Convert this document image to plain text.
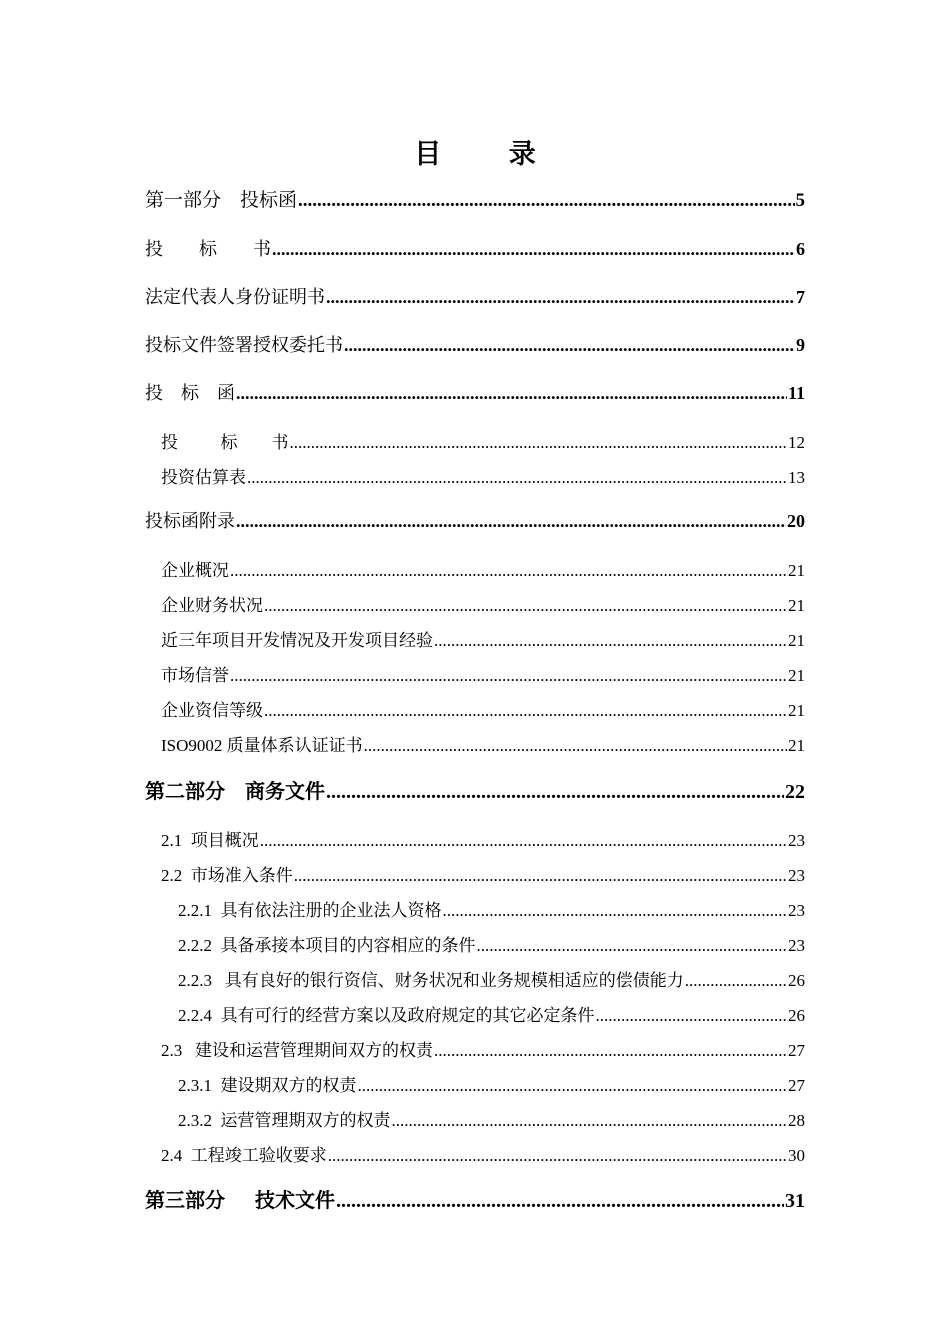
目          录
第一部分    投标函 .....	5
投        标        书 .....	6
法定代表人身份证明书 .....	7
投标文件签署授权委托书 .....	9
投    标    函 .....	11
投          标        书 .....	12
投资估算表 .....	13
投标函附录 .....	20
企业概况 .....	21
企业财务状况 .....	21
近三年项目开发情况及开发项目经验 .....	21
市场信誉 .....	21
企业资信等级 .....	21
ISO9002 质量体系认证证书 .....	21
第二部分    商务文件 .....	22
2.1  项目概况 .....	23
2.2  市场准入条件 .....	23
2.2.1  具有依法注册的企业法人资格 .....	23
2.2.2  具备承接本项目的内容相应的条件 .....	23
2.2.3   具有良好的银行资信、财务状况和业务规模相适应的偿债能力 .....	26
2.2.4  具有可行的经营方案以及政府规定的其它必定条件 .....	26
2.3   建设和运营管理期间双方的权责 .....	27
2.3.1  建设期双方的权责 .....	27
2.3.2  运营管理期双方的权责 .....	28
2.4  工程竣工验收要求 .....	30
第三部分      技术文件 .....	31
